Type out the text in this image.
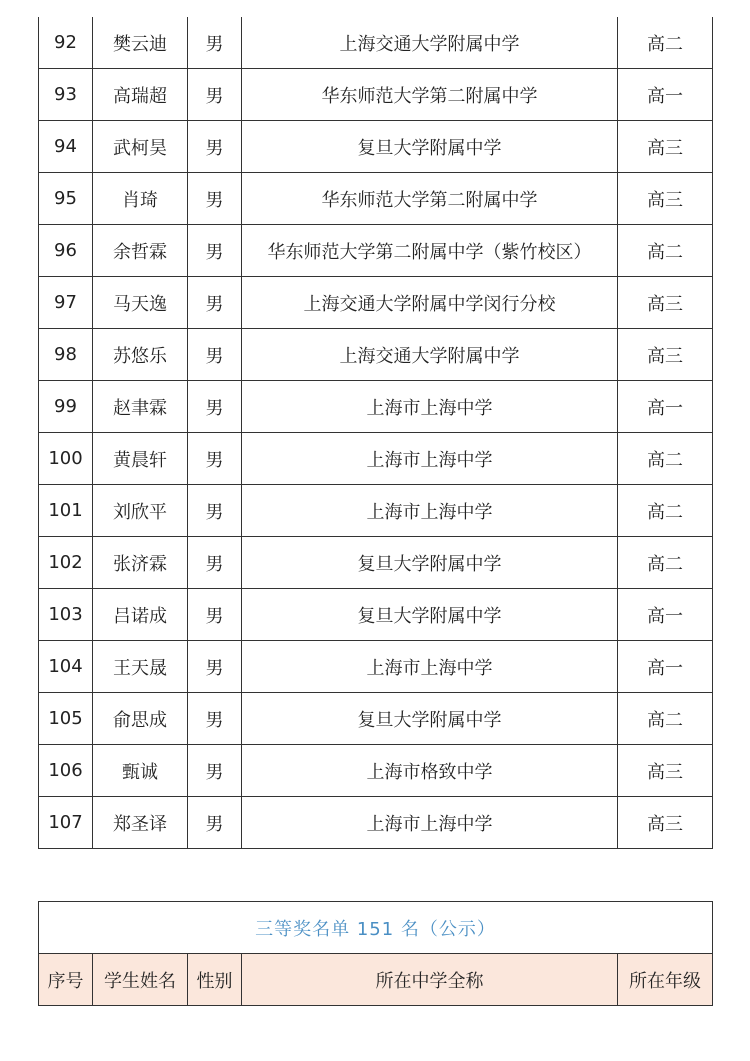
92	樊云迪	男	上海交通大学附属中学	高二
93	高瑞超	男	华东师范大学第二附属中学	高一
94	武柯昊	男	复旦大学附属中学	高三
95	肖琦	男	华东师范大学第二附属中学	高三
96	余哲霖	男	华东师范大学第二附属中学（紫竹校区）	高二
97	马天逸	男	上海交通大学附属中学闵行分校	高三
98	苏悠乐	男	上海交通大学附属中学	高三
99	赵聿霖	男	上海市上海中学	高一
100	黄晨轩	男	上海市上海中学	高二
101	刘欣平	男	上海市上海中学	高二
102	张济霖	男	复旦大学附属中学	高二
103	吕诺成	男	复旦大学附属中学	高一
104	王天晟	男	上海市上海中学	高一
105	俞思成	男	复旦大学附属中学	高二
106	甄诚	男	上海市格致中学	高三
107	郑圣译	男	上海市上海中学	高三
三等奖名单 151 名（公示）
序号	学生姓名	性别	所在中学全称	所在年级
